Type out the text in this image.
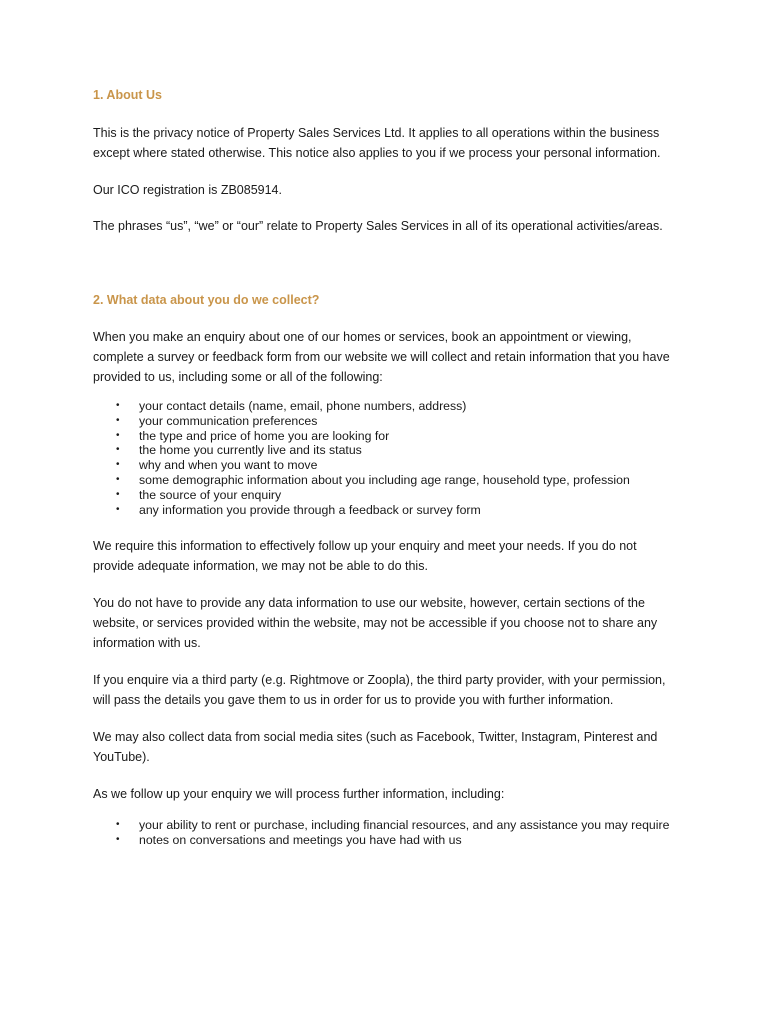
1. About Us

This is the privacy notice of Property Sales Services Ltd. It applies to all operations within the business except where stated otherwise. This notice also applies to you if we process your personal information.

Our ICO registration is ZB085914.

The phrases “us”, “we” or “our” relate to Property Sales Services in all of its operational activities/areas.

2. What data about you do we collect?

When you make an enquiry about one of our homes or services, book an appointment or viewing, complete a survey or feedback form from our website we will collect and retain information that you have provided to us, including some or all of the following:

• your contact details (name, email, phone numbers, address)
• your communication preferences
• the type and price of home you are looking for
• the home you currently live and its status
• why and when you want to move
• some demographic information about you including age range, household type, profession
• the source of your enquiry
• any information you provide through a feedback or survey form

We require this information to effectively follow up your enquiry and meet your needs. If you do not provide adequate information, we may not be able to do this.

You do not have to provide any data information to use our website, however, certain sections of the website, or services provided within the website, may not be accessible if you choose not to share any information with us.

If you enquire via a third party (e.g. Rightmove or Zoopla), the third party provider, with your permission, will pass the details you gave them to us in order for us to provide you with further information.

We may also collect data from social media sites (such as Facebook, Twitter, Instagram, Pinterest and YouTube).

As we follow up your enquiry we will process further information, including:

• your ability to rent or purchase, including financial resources, and any assistance you may require
• notes on conversations and meetings you have had with us
